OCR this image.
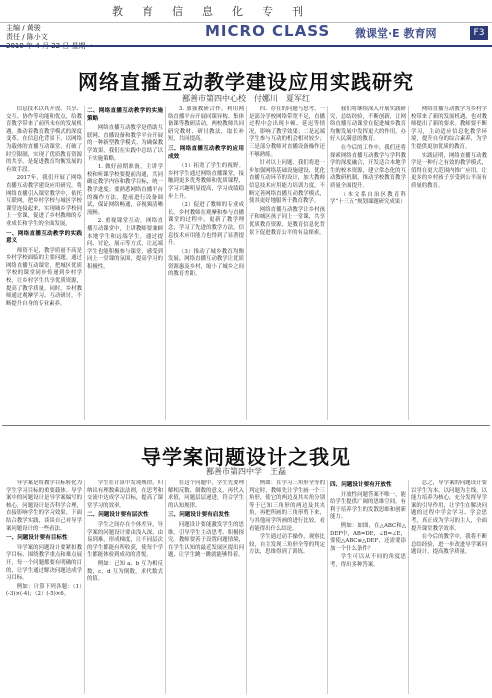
教 育 信 息 化 专 刊
主编 / 黄骏
责任 / 陈小文	MICRO CLASS 微课堂·E 教育网	F3
网络直播互动教学建设应用实践研究
鄯善市第四中心校　付娜川　夏军红

信息技术以其开放、共享、交互、协作等功能和优点，给教育教学带来了前所未有的发展机遇，推动着教育教学模式的深度变革。在信息化背景下，以网络为载体的直播互动课堂，打破了时空限制，实现了优质教育资源的共享，是促进教育均衡发展的有效手段。

2017年，我们开展了网络直播互动教学建设应用研究，将网络直播引入课堂教学中，依托互联网，把乡村学校与城区学校课堂连接起来，实现城乡学校同上一堂课，促进了乡村教师的专业成长和学生的全面发展。

一、网络直播互动教学的实践意义

师资不足，教学质量不高是乡村学校面临的主要问题。通过网络直播互动课堂，把城区优质学校的课堂同步传递到乡村学校，让乡村学生共享优质资源，提高了教学质量。同时，乡村教师通过观摩学习、互动研讨，不断提升自身的专业素养。

二、网络直播互动教学的实施策略

网络直播互动教学是借助互联网、直播设备和教学平台开展的一种新型教学模式。为确保教学效果，我们在实践中总结了以下实施策略。

1. 做好前期准备。主讲学校和听课学校要提前沟通，共同确定教学内容和教学目标，统一教学进度；要熟悉网络直播平台的操作方法，提前进行设备调试，保证网络畅通，音视频清晰流畅。

2. 重视课堂互动。网络直播互动课堂中，主讲教师要兼顾本地学生和远端学生，通过提问、讨论、展示等方式，让远端学生也能积极参与课堂，感受到同上一堂课的氛围，提高学习的积极性。

3. 加强教研合作。利用网络直播平台开展同课异构、集体备课等教研活动，两校教师共同研究教材、研讨教法，取长补短，共同提高。

三、网络直播互动教学的应用成效

（1）拓宽了学生的视野。乡村学生通过网络直播课堂，接触到更多优秀教师和优质课程，学习兴趣明显提高，学习成绩稳步上升。

（2）促进了教师的专业成长。乡村教师在观摩和参与直播课堂的过程中，更新了教学理念，学习了先进的教学方法，信息技术应用能力也得到了显著提升。

（3）推动了城乡教育均衡发展。网络直播互动教学让优质资源惠及乡村，缩小了城乡之间的教育差距。

四、存在的问题与思考。一是部分学校网络带宽不足，直播过程中会出现卡顿、延迟等情况，影响了教学效果；二是远端学生参与互动的机会相对较少；三是部分教师对直播设备操作还不够熟练。

针对以上问题，我们将进一步加强网络基础设施建设，优化直播互动环节的设计，加大教师信息技术应用能力培训力度，不断完善网络直播互动教学模式，使其更好地服务于教育教学。

网络直播互动教学让乡村孩子和城区孩子同上一堂课，共享优质教育资源，是教育信息化背景下促进教育公平的有益探索。

我们将继续深入开展实践研究，总结经验，不断创新，让网络直播互动课堂在促进城乡教育均衡发展中发挥更大的作用，办好人民满意的教育。

在今后的工作中，我们还将探索网络直播互动教学与学科教学的深度融合，开发适合本地学生的校本资源，建立常态化的互动教研机制，推动学校教育教学质量全面提升。

（本文系自治区教育科学“十三五”规划课题研究成果）

网络直播互动教学为乡村学校带来了新的发展机遇，也对教师提出了新的要求。教师要不断学习，主动适应信息化教学环境，提升自身的综合素养，为学生提供更加优质的教育。

实践证明，网络直播互动教学是一种行之有效的教学模式，值得在更大范围内推广应用，让更多的乡村孩子享受到公平而有质量的教育。

导学案问题设计之我见
鄯善市第四中学　王磊

导学案是将教学目标转化为学生学习目标的重要载体。导学案中的问题设计是导学案编写的核心，问题设计是否科学合理，直接影响学生的学习效果。下面结合教学实践，谈谈自己对导学案问题设计的一些看法。

一、问题设计要有目标性

导学案的问题设计要紧扣教学目标，围绕教学重点和难点展开，每一个问题都要有明确的目的，让学生通过解决问题达成学习目标。

例如：计算下列各题：（1）(-3)×(-4)；（2）(-5)×6。

学生在计算中发现规律，归纳出有理数乘法法则，在思考和交流中达成学习目标，提高了课堂学习的效率。

二、问题设计要有层次性

学生之间存在个体差异，导学案的问题设计要由浅入深、由易到难，形成梯度，让不同层次的学生都能有所收获，使每个学生都能体验到成功的喜悦。

例如：已知 a、b 互为相反数，c、d 互为倒数，求代数式的值。

在这个问题中，学生先要理解相反数、倒数的意义，再代入求值，问题层层递进，符合学生的认知规律。

三、问题设计要有启发性

问题设计要能激发学生的思维，引导学生主动思考、积极探究。教师要善于设置问题情境，在学生认知的最近发展区提出问题，让学生跳一跳就能够得着。

例如：在学习三角形全等的判定时，教师先让学生画一个三角形，使它的两边及其夹角分别等于已知三角形的两边及其夹角，再把所画的三角形剪下来，与其他同学所画的进行比较，看看能得出什么结论。

学生通过动手操作、观察比较，自主发现三角形全等的判定方法，思维得到了训练。

四、问题设计要有开放性

开放性问题答案不唯一，能给学生提供广阔的思维空间，有利于培养学生的发散思维和创新能力。

例如：如图，在△ABC和△DEF中，AB=DE，∠B=∠E，要使△ABC≌△DEF，还需要添加一个什么条件？

学生可以从不同的角度思考，得出多种答案。

总之，导学案的问题设计要以学生为本，以问题为主线，以能力培养为核心，充分发挥导学案的引导作用，让学生在解决问题的过程中学会学习、学会思考，真正成为学习的主人，全面提升课堂教学效率。

在今后的教学中，我将不断总结经验，进一步改进导学案问题设计，提高教学质量。
